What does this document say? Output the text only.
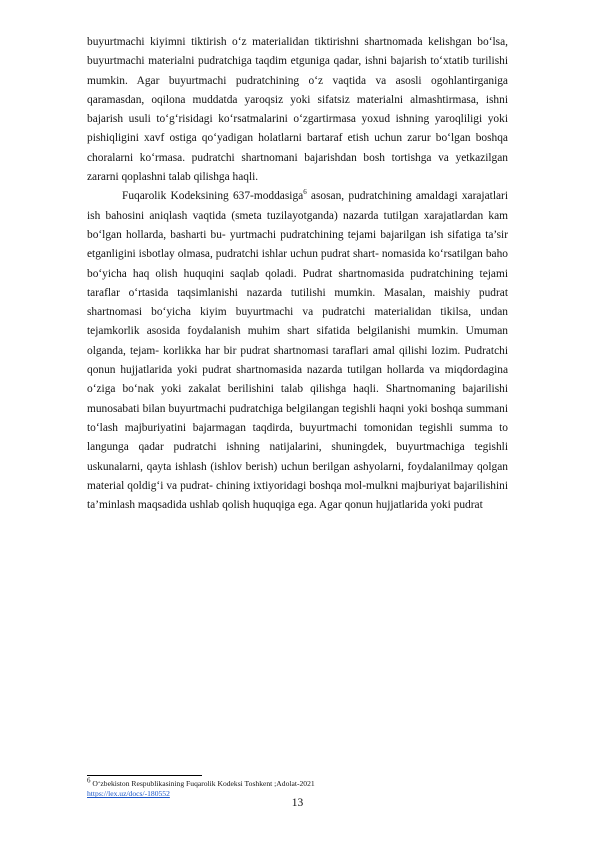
buyurtmachi kiyimni tiktirish o‘z materialidan tiktirishni shartnomada kelishgan bo‘lsa, buyurtmachi materialni pudratchiga taqdim etguniga qadar, ishni bajarish to‘xtatib turilishi mumkin. Agar buyurtmachi pudratchining o‘z vaqtida va asosli ogohlantirganiga qaramasdan, oqilona muddatda yaroqsiz yoki sifatsiz materialni almashtirmasa, ishni bajarish usuli to‘g‘risidagi ko‘rsatmalarini o‘zgartirmasa yoxud ishning yaroqliligi yoki pishiqligini xavf ostiga qo‘yadigan holatlarni bartaraf etish uchun zarur bo‘lgan boshqa choralarni ko‘rmasa. pudratchi shartnomani bajarishdan bosh tortishga va yetkazilgan zararni qoplashni talab qilishga haqli.

Fuqarolik Kodeksining 637-moddasiga$^6$ asosan, pudratchining amaldagi xarajatlari ish bahosini aniqlash vaqtida (smeta tuzilayotganda) nazarda tutilgan xarajatlardan kam bo‘lgan hollarda, basharti bu- yurtmachi pudratchining tejami bajarilgan ish sifatiga ta’sir etganligini isbotlay olmasa, pudratchi ishlar uchun pudrat shart- nomasida ko‘rsatilgan baho bo‘yicha haq olish huquqini saqlab qoladi. Pudrat shartnomasida pudratchining tejami taraflar o‘rtasida taqsimlanishi nazarda tutilishi mumkin. Masalan, maishiy pudrat shartnomasi bo‘yicha kiyim buyurtmachi va pudratchi materialidan tikilsa, undan tejamkorlik asosida foydalanish muhim shart sifatida belgilanishi mumkin. Umuman olganda, tejam- korlikka har bir pudrat shartnomasi taraflari amal qilishi lozim. Pudratchi qonun hujjatlarida yoki pudrat shartnomasida nazarda tutilgan hollarda va miqdordagina o‘ziga bo‘nak yoki zakalat berilishini talab qilishga haqli. Shartnomaning bajarilishi munosabati bilan buyurtmachi pudratchiga belgilangan tegishli haqni yoki boshqa summani to‘lash majburiyatini bajarmagan taqdirda, buyurtmachi tomonidan tegishli summa to langunga qadar pudratchi ishning natijalarini, shuningdek, buyurtmachiga tegishli uskunalarni, qayta ishlash (ishlov berish) uchun berilgan ashyolarni, foydalanilmay qolgan material qoldig‘i va pudrat- chining ixtiyoridagi boshqa mol-mulkni majburiyat bajarilishini ta’minlash maqsadida ushlab qolish huquqiga ega. Agar qonun hujjatlarida yoki pudrat

$^6$ O‘zbekiston Respublikasining Fuqarolik Kodeksi Toshkent ;Adolat-2021
https://lex.uz/docs/-180552
13
